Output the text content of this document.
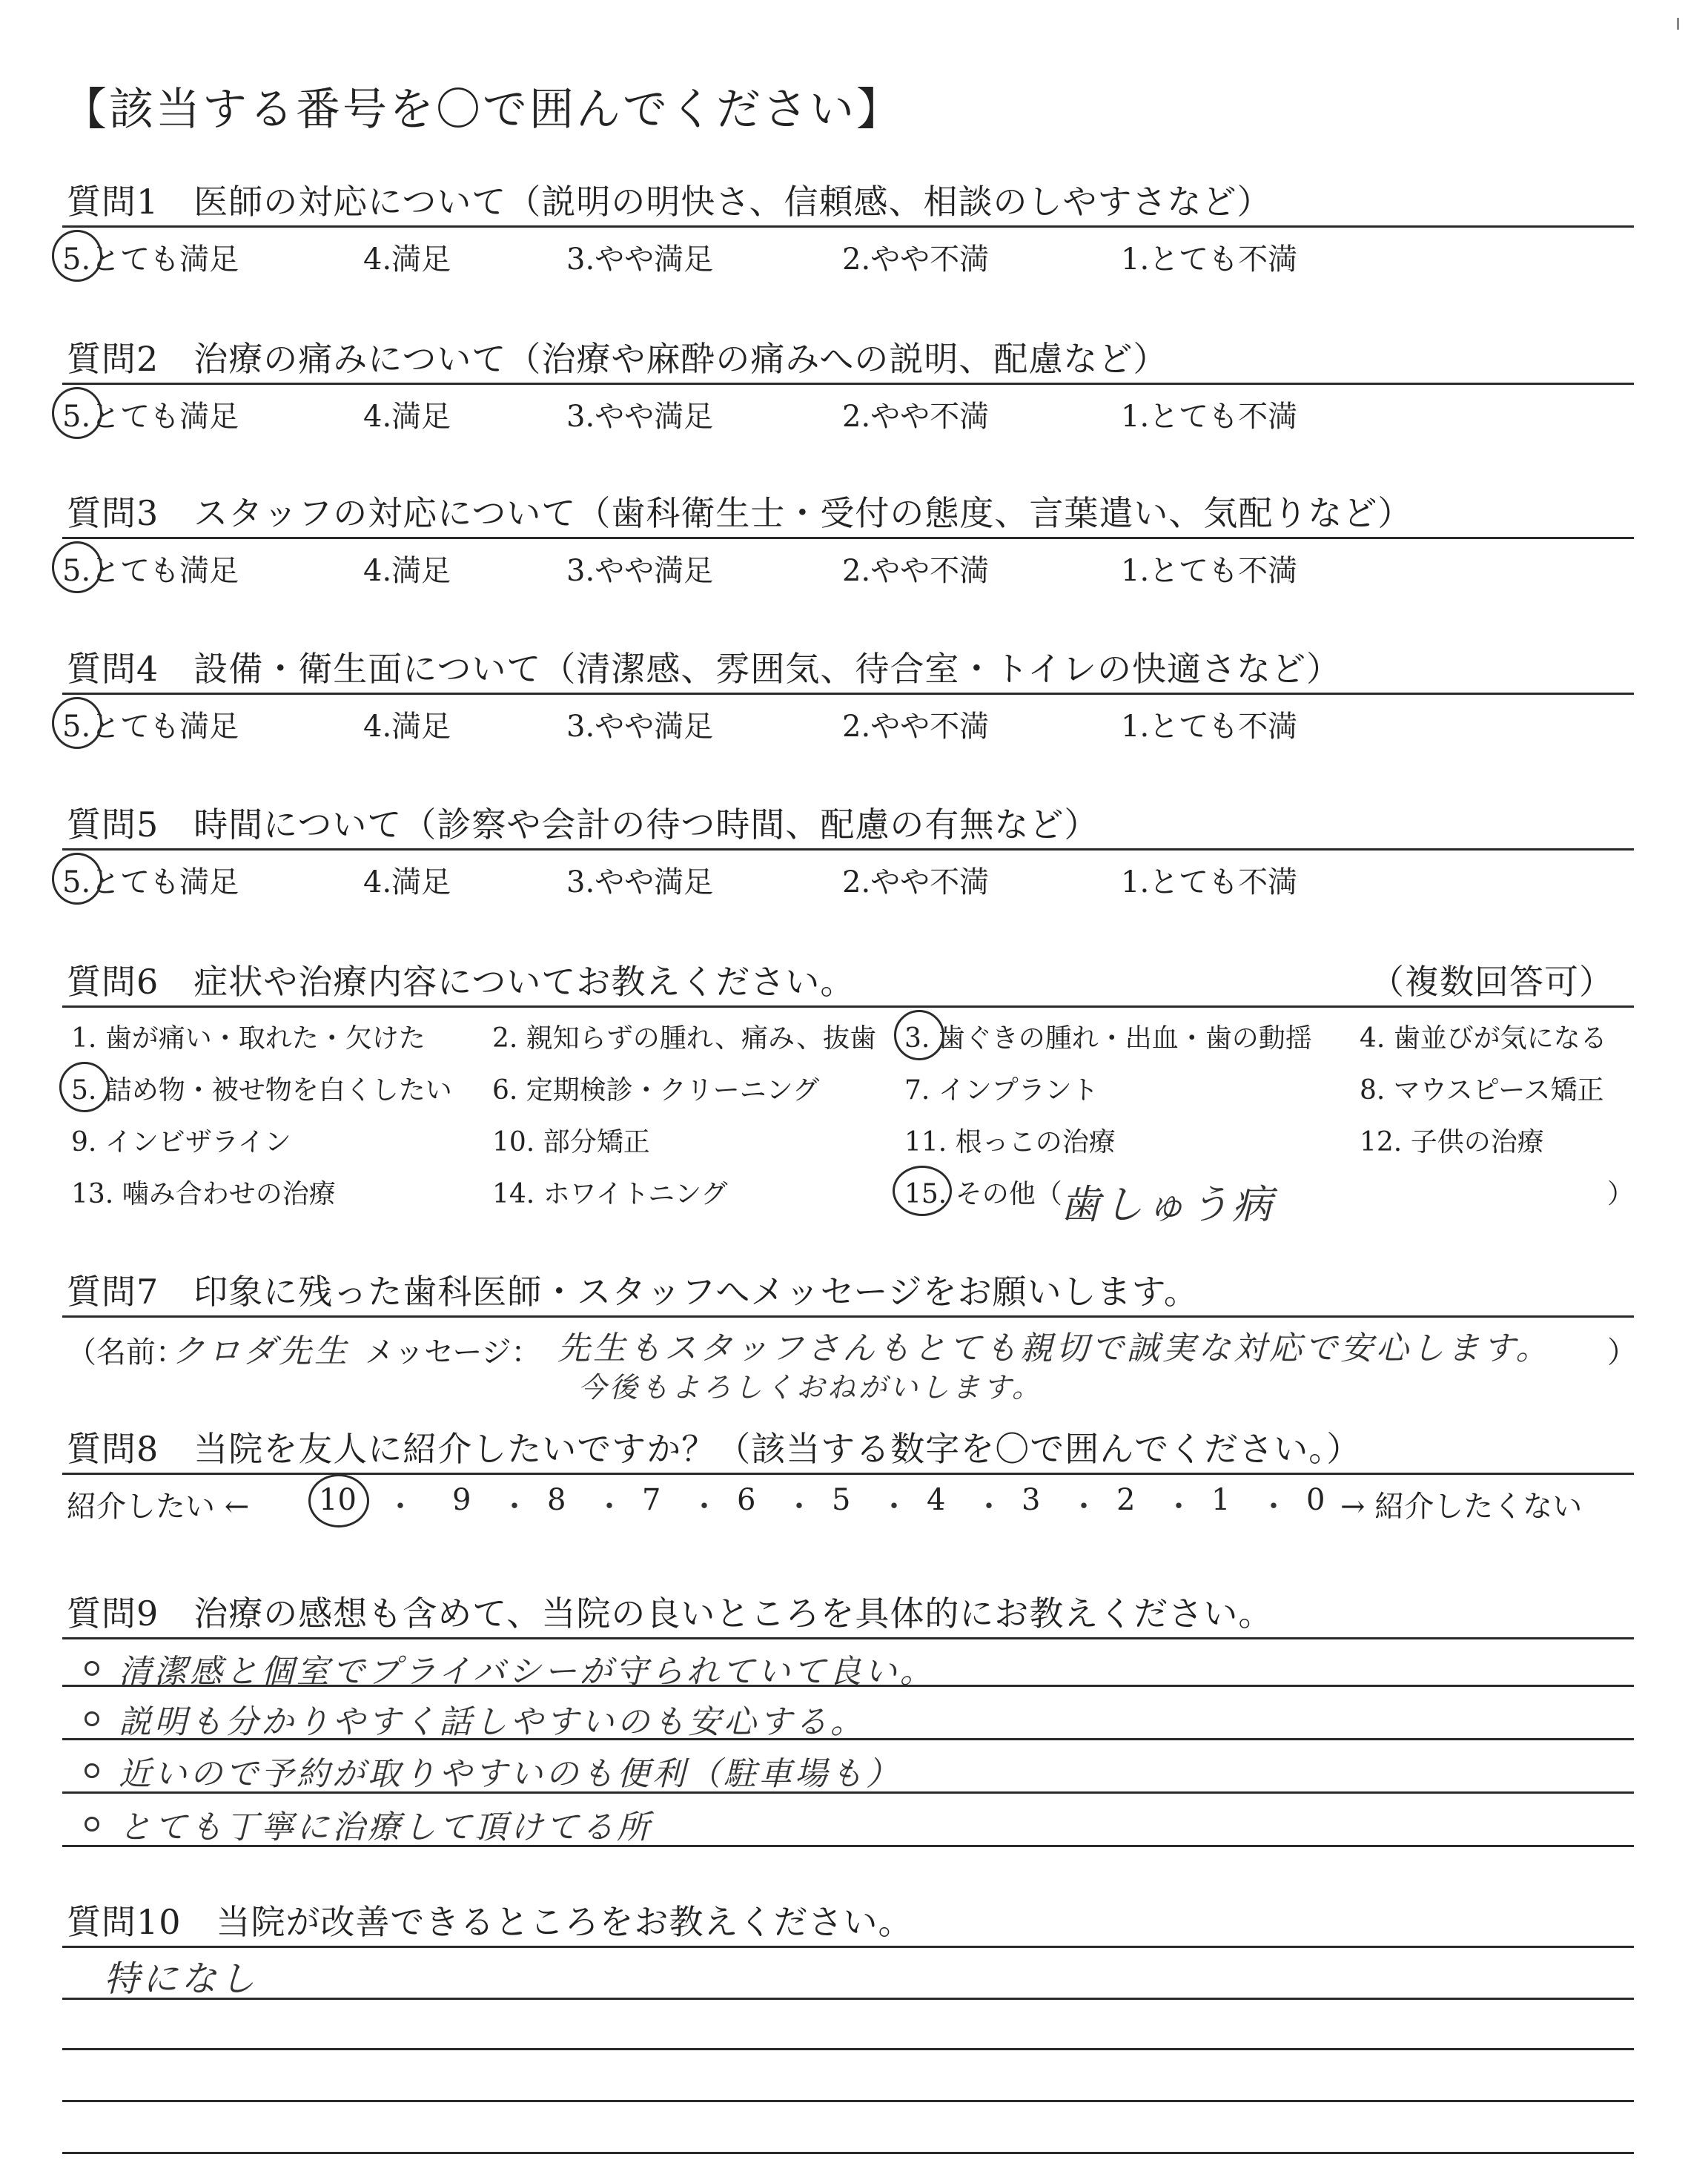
【該当する番号を〇で囲んでください】
質問1　医師の対応について（説明の明快さ、信頼感、相談のしやすさなど）
5.とても満足	4.満足	3.やや満足	2.やや不満	1.とても不満
質問2　治療の痛みについて（治療や麻酔の痛みへの説明、配慮など）
5.とても満足	4.満足	3.やや満足	2.やや不満	1.とても不満
質問3　スタッフの対応について（歯科衛生士・受付の態度、言葉遣い、気配りなど）
5.とても満足	4.満足	3.やや満足	2.やや不満	1.とても不満
質問4　設備・衛生面について（清潔感、雰囲気、待合室・トイレの快適さなど）
5.とても満足	4.満足	3.やや満足	2.やや不満	1.とても不満
質問5　時間について（診察や会計の待つ時間、配慮の有無など）
5.とても満足	4.満足	3.やや満足	2.やや不満	1.とても不満
質問6　症状や治療内容についてお教えください。	（複数回答可）
1. 歯が痛い・取れた・欠けた	2. 親知らずの腫れ、痛み、抜歯 3. 歯ぐきの腫れ・出血・歯の動揺 4. 歯並びが気になる
5. 詰め物・被せ物を白くしたい 6. 定期検診・クリーニング	7. インプラント	8. マウスピース矯正
9. インビザライン	10. 部分矯正	11. 根っこの治療	12. 子供の治療
13. 噛み合わせの治療	14. ホワイトニング	15. その他（	）
歯しゅう病
質問7　印象に残った歯科医師・スタッフへメッセージをお願いします。
（名前：
クロダ先生 メッセージ： 先生もスタッフさんもとても親切で誠実な対応で安心します。
今後もよろしくおねがいします。
）
質問8　当院を友人に紹介したいですか？（該当する数字を〇で囲んでください。）
紹介したい ← 10 ・ 9 ・ 8 ・ 7 ・ 6 ・ 5 ・ 4 ・ 3 ・ 2 ・ 1 ・ 0 → 紹介したくない
質問9　治療の感想も含めて、当院の良いところを具体的にお教えください。
清潔感と個室でプライバシーが守られていて良い。
説明も分かりやすく話しやすいのも安心する。
近いので予約が取りやすいのも便利（駐車場も）
とても丁寧に治療して頂けてる所
質問10　当院が改善できるところをお教えください。
特になし
